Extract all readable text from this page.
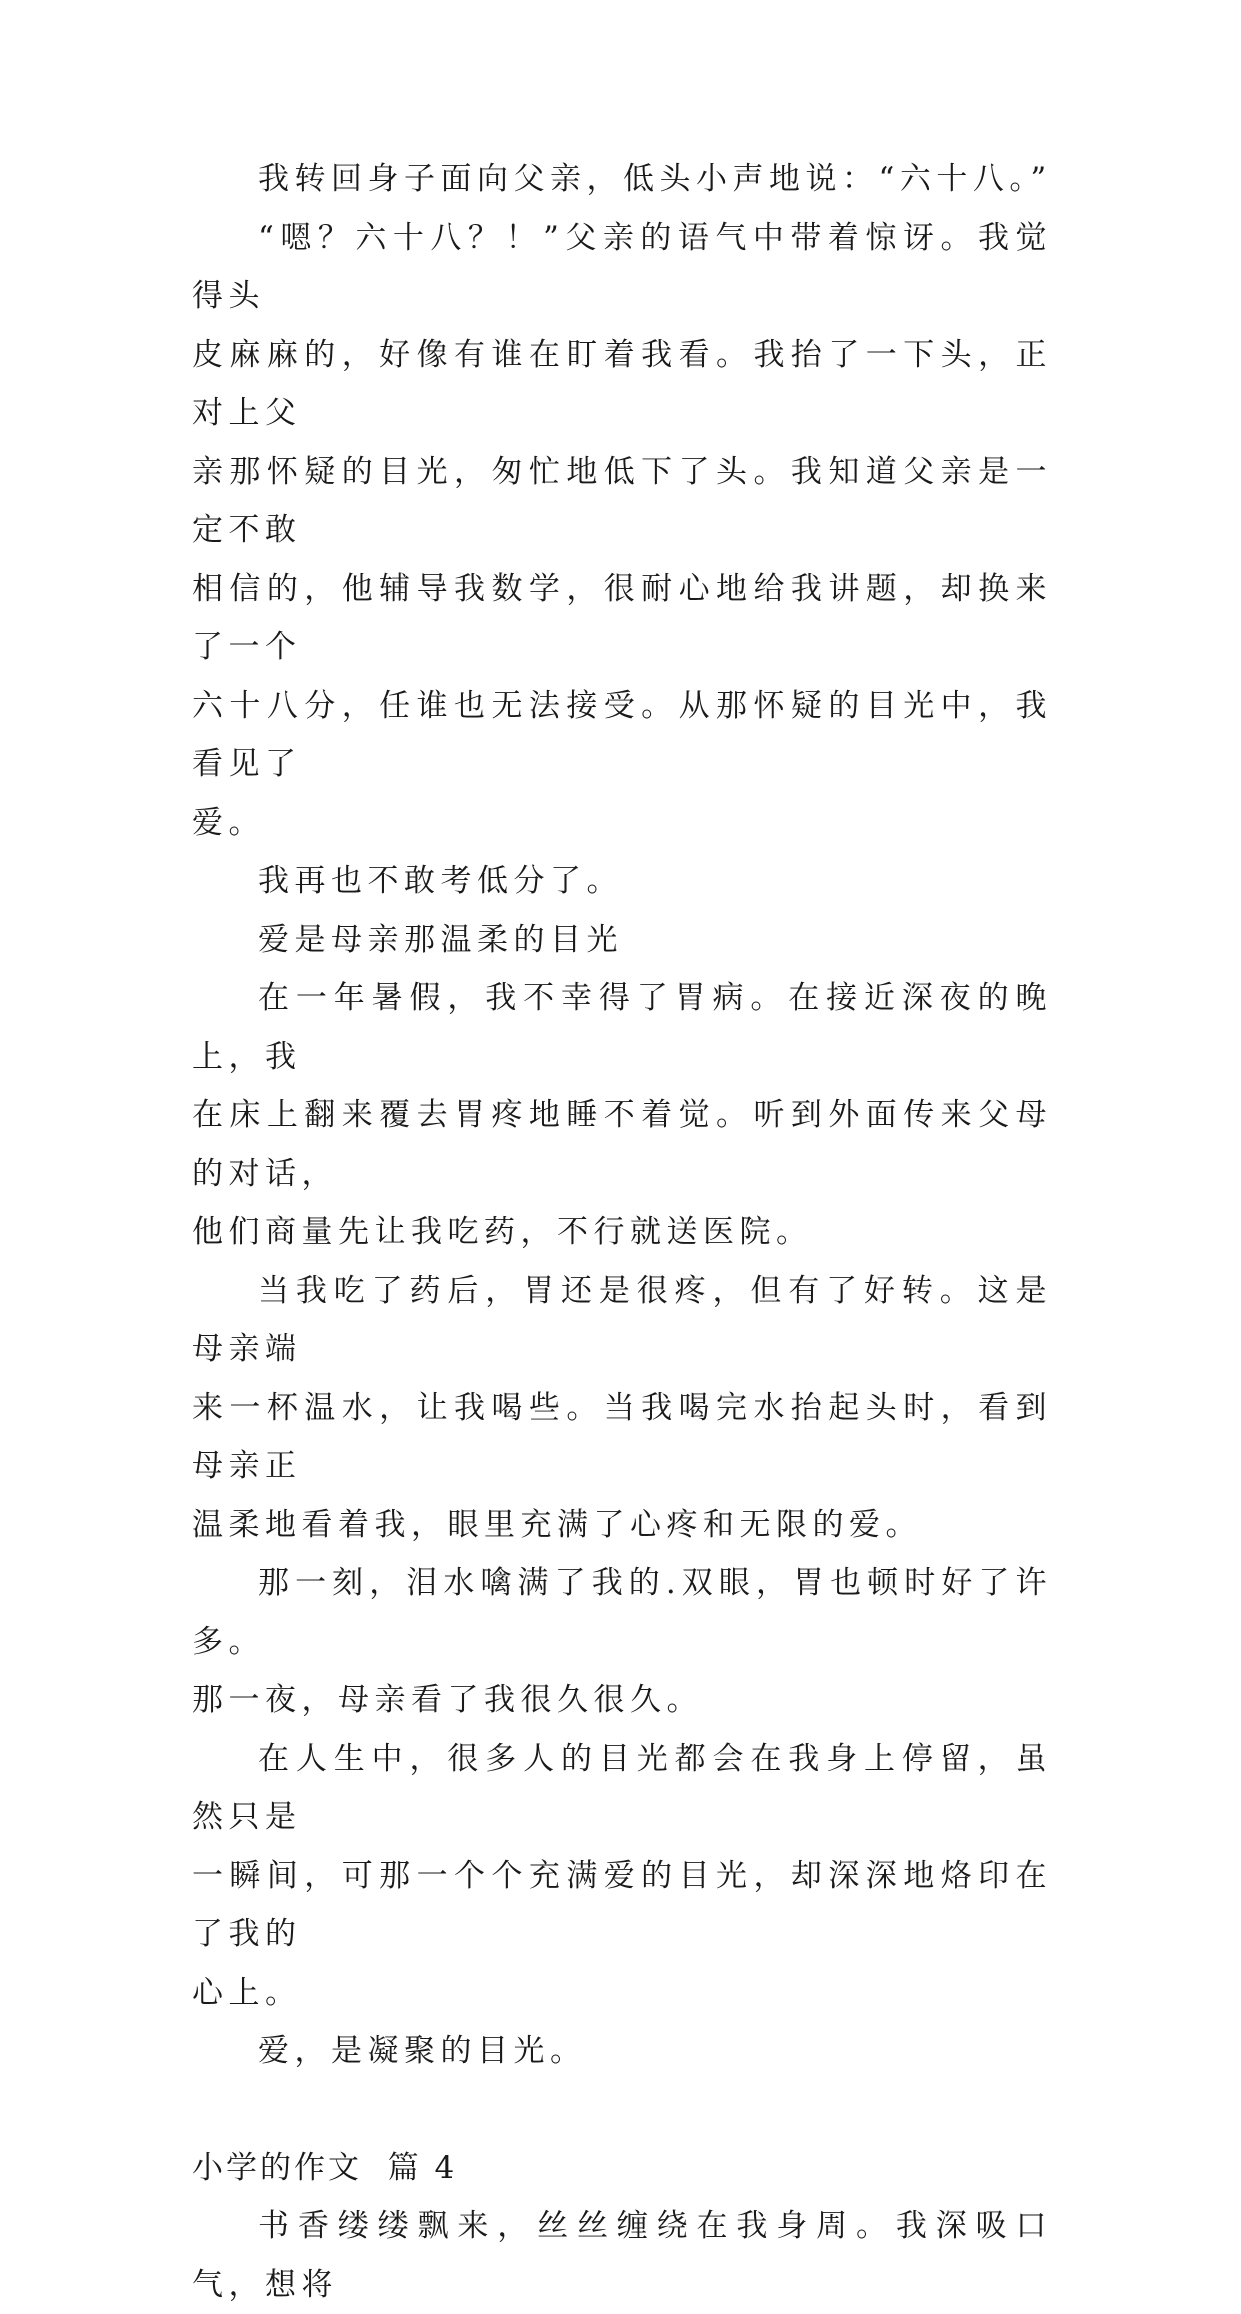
我转回身子面向父亲，低头小声地说：“六十八。”

“嗯？六十八？！”父亲的语气中带着惊讶。我觉得头
皮麻麻的，好像有谁在盯着我看。我抬了一下头，正对上父
亲那怀疑的目光，匆忙地低下了头。我知道父亲是一定不敢
相信的，他辅导我数学，很耐心地给我讲题，却换来了一个
六十八分，任谁也无法接受。从那怀疑的目光中，我看见了
爱。

我再也不敢考低分了。

爱是母亲那温柔的目光

在一年暑假，我不幸得了胃病。在接近深夜的晚上，我
在床上翻来覆去胃疼地睡不着觉。听到外面传来父母的对话，
他们商量先让我吃药，不行就送医院。

当我吃了药后，胃还是很疼，但有了好转。这是母亲端
来一杯温水，让我喝些。当我喝完水抬起头时，看到母亲正
温柔地看着我，眼里充满了心疼和无限的爱。

那一刻，泪水噙满了我的.双眼，胃也顿时好了许多。
那一夜，母亲看了我很久很久。

在人生中，很多人的目光都会在我身上停留，虽然只是
一瞬间，可那一个个充满爱的目光，却深深地烙印在了我的
心上。

爱，是凝聚的目光。

小学的作文  篇 4

书香缕缕飘来，丝丝缠绕在我身周。我深吸口气，想将
